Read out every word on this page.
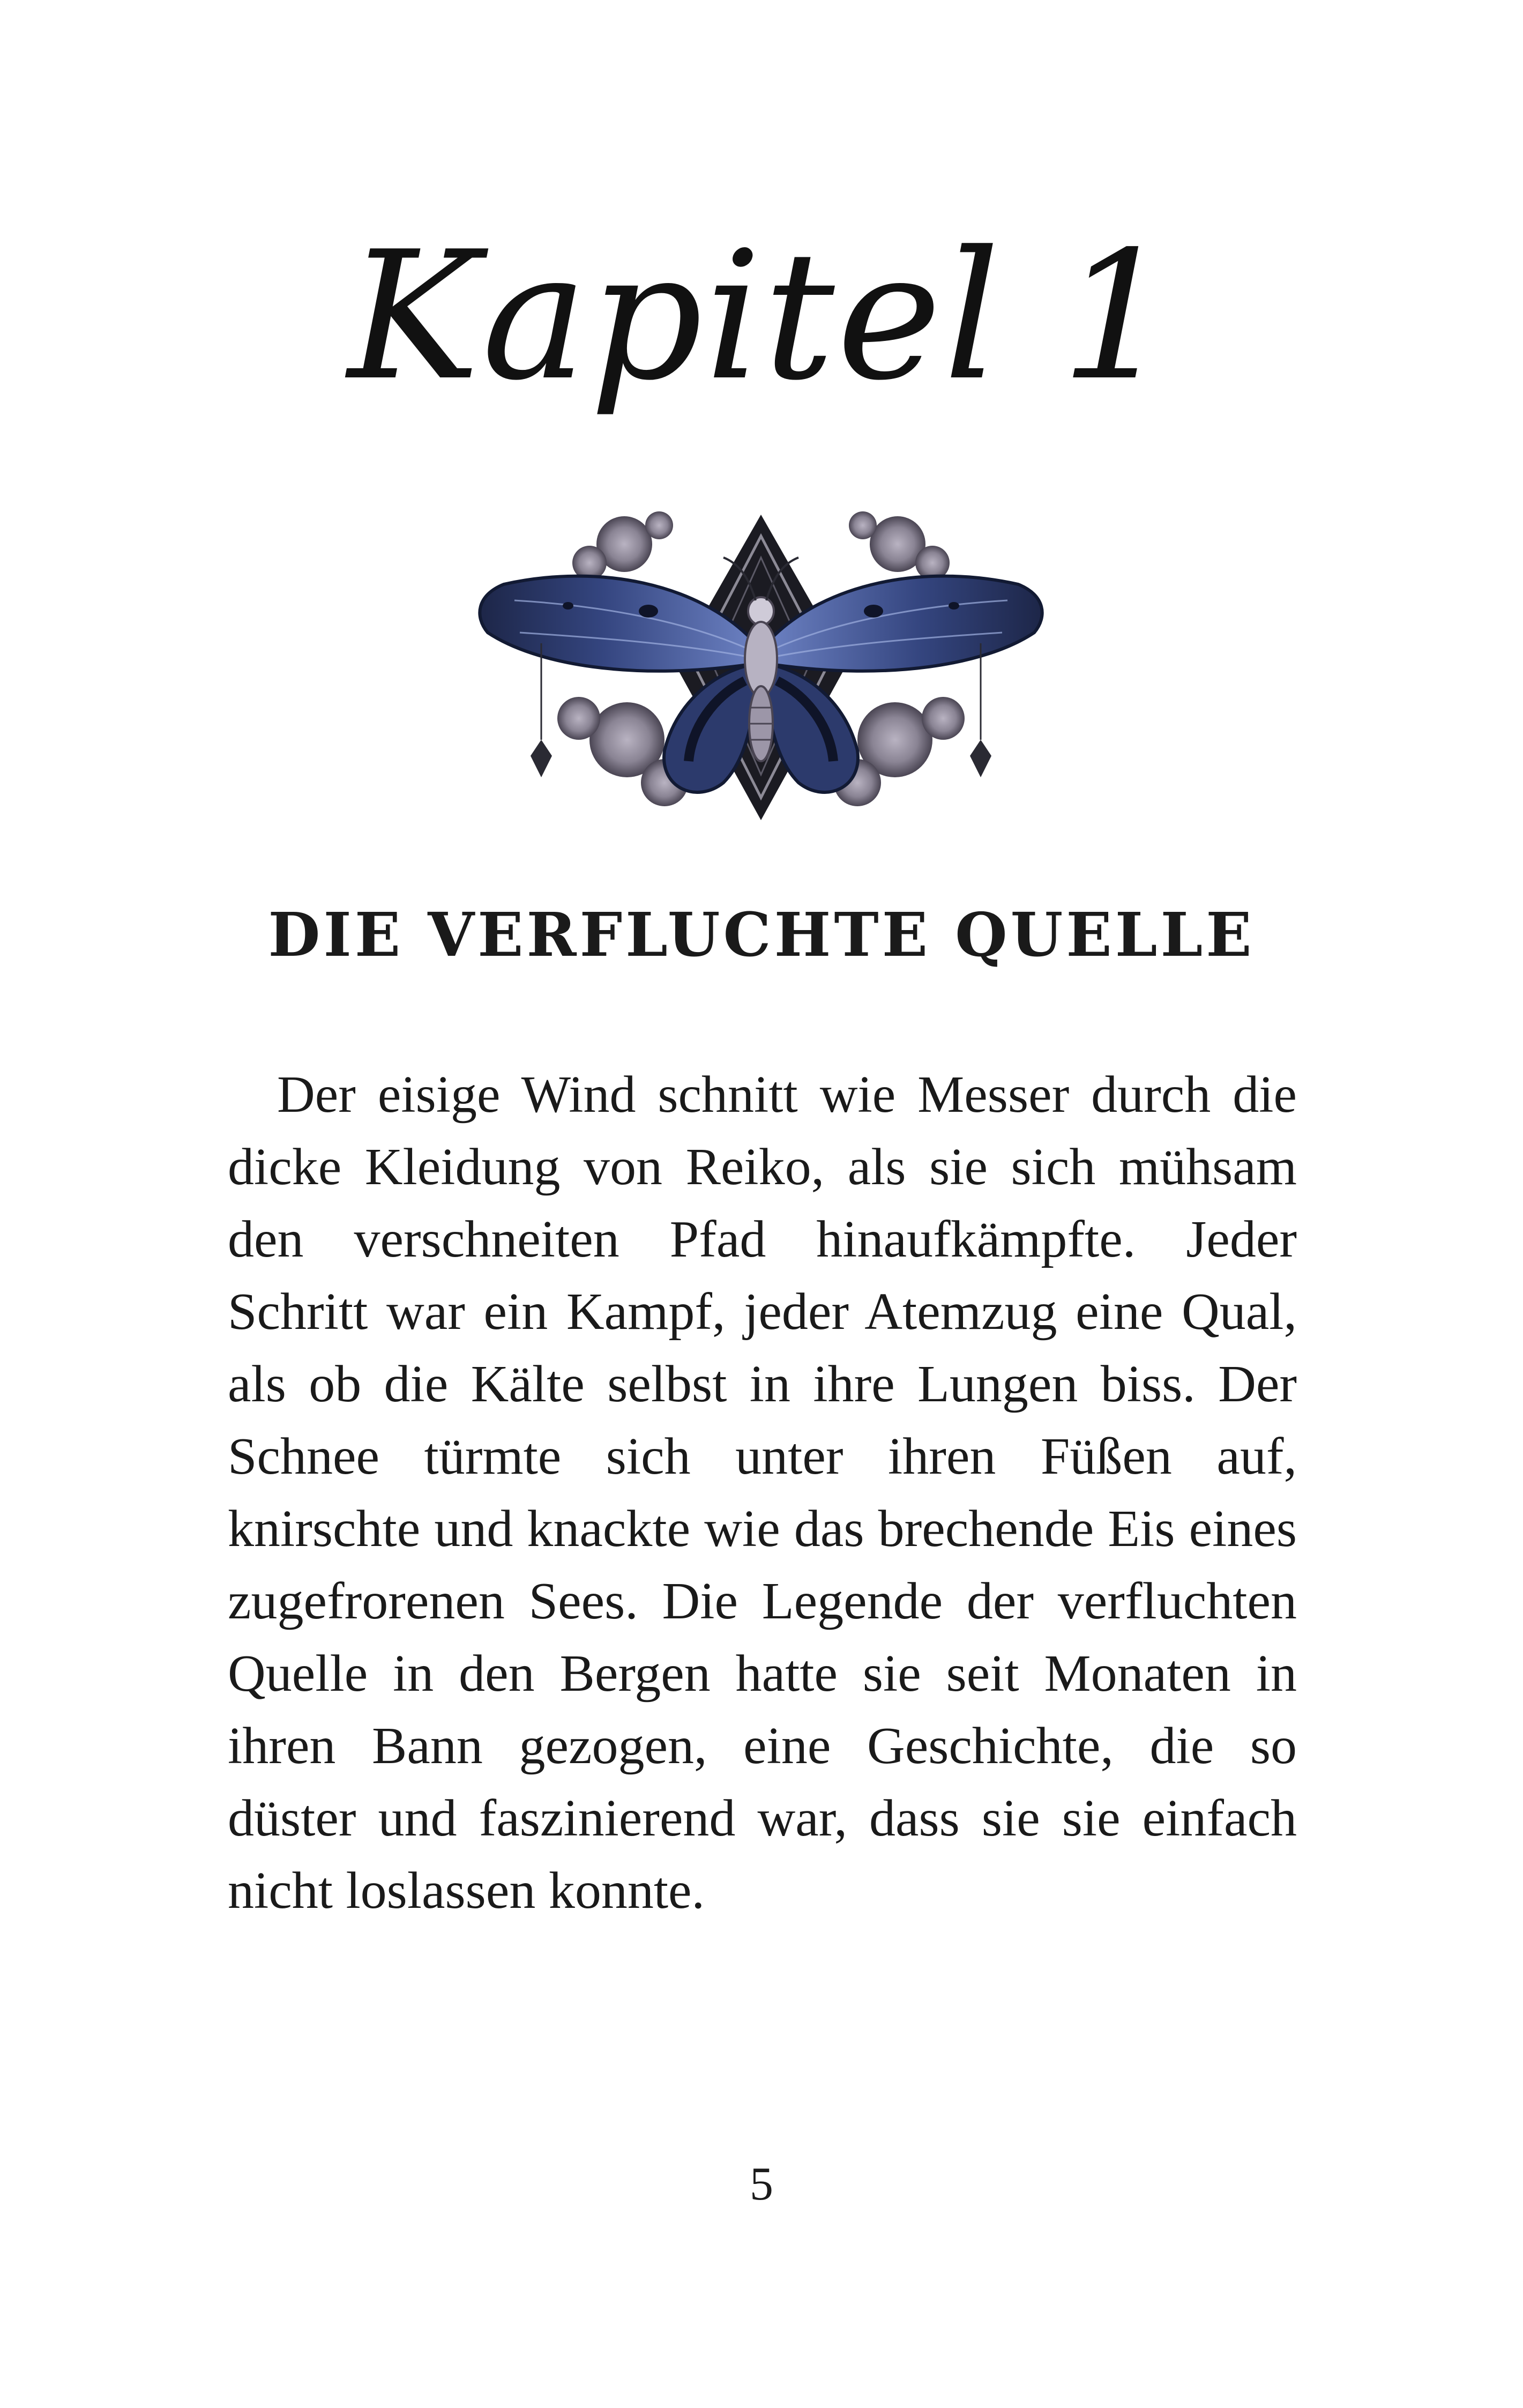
Kapitel 1
DIE VERFLUCHTE QUELLE

Der eisige Wind schnitt wie Messer durch die dicke Kleidung von Reiko, als sie sich mühsam den verschneiten Pfad hinaufkämpfte. Jeder Schritt war ein Kampf, jeder Atemzug eine Qual, als ob die Kälte selbst in ihre Lungen biss. Der Schnee türmte sich unter ihren Füßen auf, knirschte und knackte wie das brechende Eis eines zugefrorenen Sees. Die Legende der verfluchten Quelle in den Bergen hatte sie seit Monaten in ihren Bann gezogen, eine Geschichte, die so düster und faszinierend war, dass sie sie einfach nicht loslassen konnte.

5
